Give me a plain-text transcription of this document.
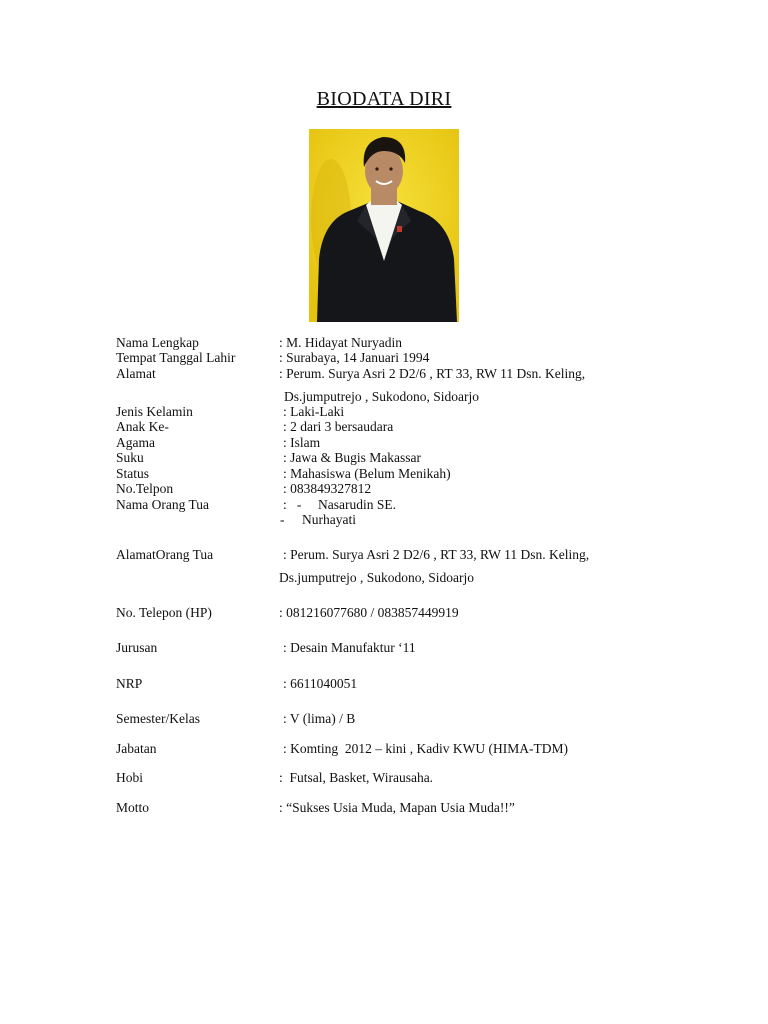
BIODATA DIRI
Nama Lengkap	: M. Hidayat Nuryadin
Tempat Tanggal Lahir	: Surabaya, 14 Januari 1994
Alamat	: Perum. Surya Asri 2 D2/6 , RT 33, RW 11 Dsn. Keling,
Ds.jumputrejo , Sukodono, Sidoarjo
Jenis Kelamin	: Laki-Laki
Anak Ke-	: 2 dari 3 bersaudara
Agama	: Islam
Suku	: Jawa & Bugis Makassar
Status	: Mahasiswa (Belum Menikah)
No.Telpon	: 083849327812
Nama Orang Tua	:   - Nasarudin SE.
- Nurhayati
AlamatOrang Tua	: Perum. Surya Asri 2 D2/6 , RT 33, RW 11 Dsn. Keling,
Ds.jumputrejo , Sukodono, Sidoarjo
No. Telepon (HP)	: 081216077680 / 083857449919
Jurusan	: Desain Manufaktur ‘11
NRP	: 6611040051
Semester/Kelas	: V (lima) / B
Jabatan	: Komting  2012 – kini , Kadiv KWU (HIMA-TDM)
Hobi	:  Futsal, Basket, Wirausaha.
Motto	: “Sukses Usia Muda, Mapan Usia Muda!!”
